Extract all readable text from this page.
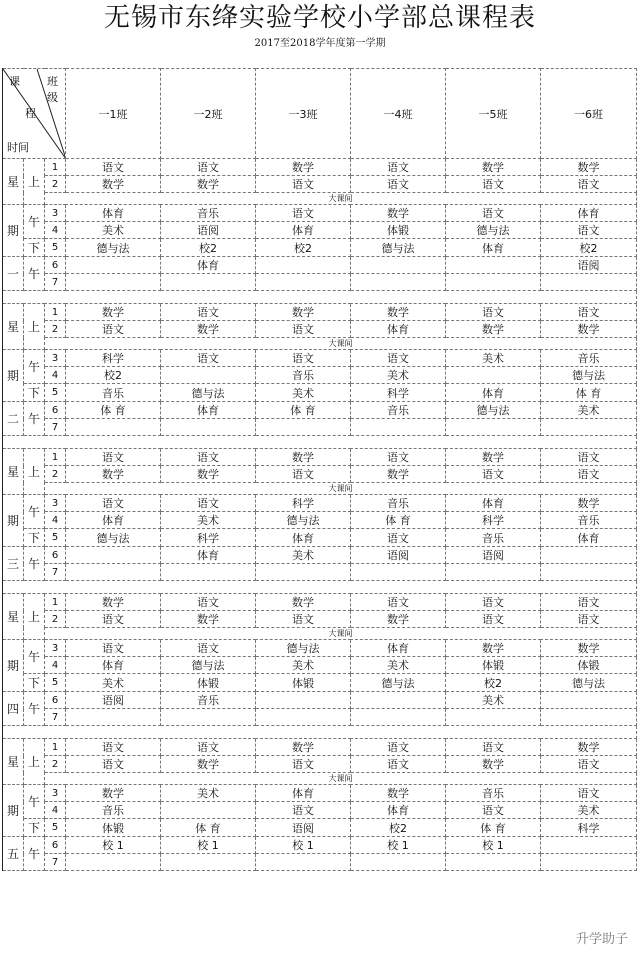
无锡市东绛实验学校小学部总课程表
2017至2018学年度第一学期
课
程
班
级
时间			一1班	一2班	一3班	一4班	一5班	一6班
星	上	1	语文	语文	数学	语文	数学	数学
		2	数学	数学	语文	语文	语文	语文
		大课间						
期	午	3	体育	音乐	语文	数学	语文	体育
		4	美术	语阅	体育	体锻	德与法	语文
	下	5	德与法	校2	校2	德与法	体育	校2
一	午	6		体育				语阅
		7						

星	上	1	数学	语文	数学	数学	语文	语文
		2	语文	数学	语文	体育	数学	数学
		大课间						
期	午	3	科学	语文	语文	语文	美术	音乐
		4	校2		音乐	美术		德与法
	下	5	音乐	德与法	美术	科学	体育	体 育
二	午	6	体 育	体育	体 育	音乐	德与法	美术
		7						

星	上	1	语文	语文	数学	语文	数学	语文
		2	数学	数学	语文	数学	语文	语文
		大课间						
期	午	3	语文	语文	科学	音乐	体育	数学
		4	体育	美术	德与法	体 育	科学	音乐
	下	5	德与法	科学	体育	语文	音乐	体育
三	午	6		体育	美术	语阅	语阅	
		7						

星	上	1	数学	语文	数学	语文	语文	语文
		2	语文	数学	语文	数学	语文	语文
		大课间						
期	午	3	语文	语文	德与法	体育	数学	数学
		4	体育	德与法	美术	美术	体锻	体锻
	下	5	美术	体锻	体锻	德与法	校2	德与法
四	午	6	语阅	音乐			美术	
		7						

星	上	1	语文	语文	数学	语文	语文	数学
		2	语文	数学	语文	语文	数学	语文
		大课间						
期	午	3	数学	美术	体育	数学	音乐	语文
		4	音乐		语文	体育	语文	美术
	下	5	体锻	体 育	语阅	校2	体 育	科学
五	午	6	校 1	校 1	校 1	校 1	校 1	
		7						
升学助子
